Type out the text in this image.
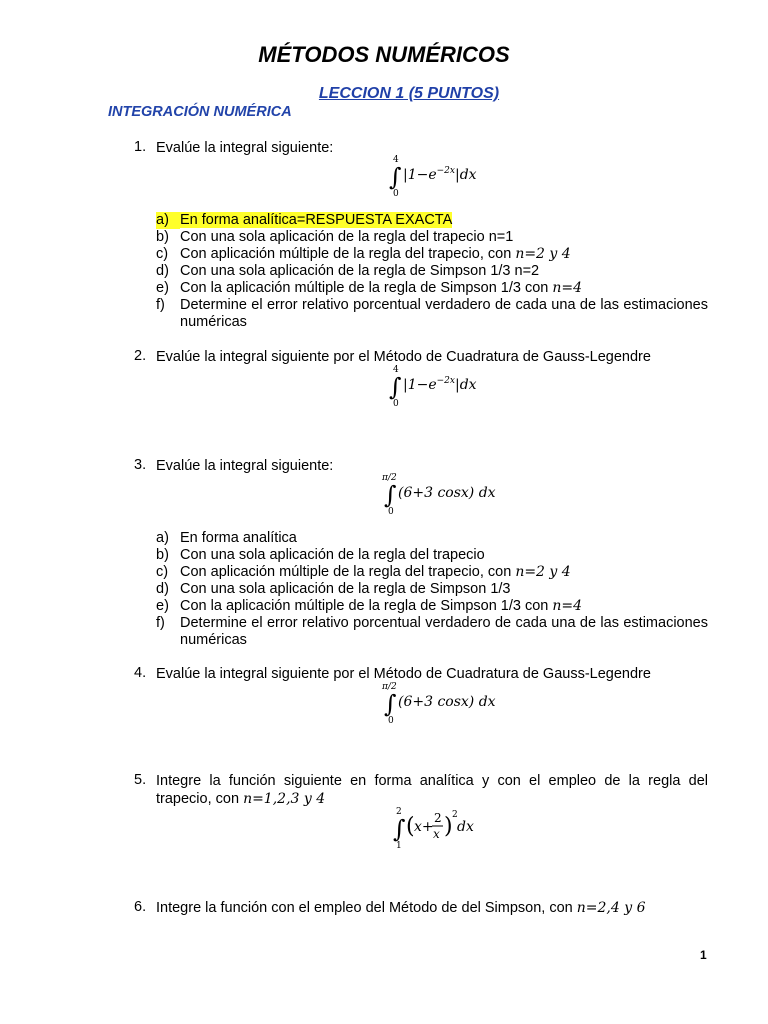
MÉTODOS NUMÉRICOS
LECCION 1 (5 PUNTOS)
INTEGRACIÓN NUMÉRICA
1. Evalúe la integral siguiente:
4
∫
0
$|1-e^{-2x}|dx$
a) En forma analítica=RESPUESTA EXACTA
b) Con una sola aplicación de la regla del trapecio n=1
c) Con aplicación múltiple de la regla del trapecio, con n=2 y 4
d) Con una sola aplicación de la regla de Simpson 1/3 n=2
e) Con la aplicación múltiple de la regla de Simpson 1/3 con n=4
f)	Determine el error relativo porcentual verdadero de cada una de las estimaciones numéricas
2. Evalúe la integral siguiente por el Método de Cuadratura de Gauss-Legendre
4
∫
0
$|1-e^{-2x}|dx$
3. Evalúe la integral siguiente:
π/2
∫
0
(6+3 cosx) dx
a) En forma analítica
b) Con una sola aplicación de la regla del trapecio
c) Con aplicación múltiple de la regla del trapecio, con n=2 y 4
d) Con una sola aplicación de la regla de Simpson 1/3
e) Con la aplicación múltiple de la regla de Simpson 1/3 con n=4
f)	Determine el error relativo porcentual verdadero de cada una de las estimaciones numéricas
4. Evalúe la integral siguiente por el Método de Cuadratura de Gauss-Legendre
π/2
∫
0
(6+3 cosx) dx
5. Integre la función siguiente en forma analítica y con el empleo de la regla del trapecio, con n=1,2,3 y 4
2
∫
1
( x+
2
x ) 2
dx
6. Integre la función con el empleo del Método de del Simpson, con n=2,4 y 6
1
